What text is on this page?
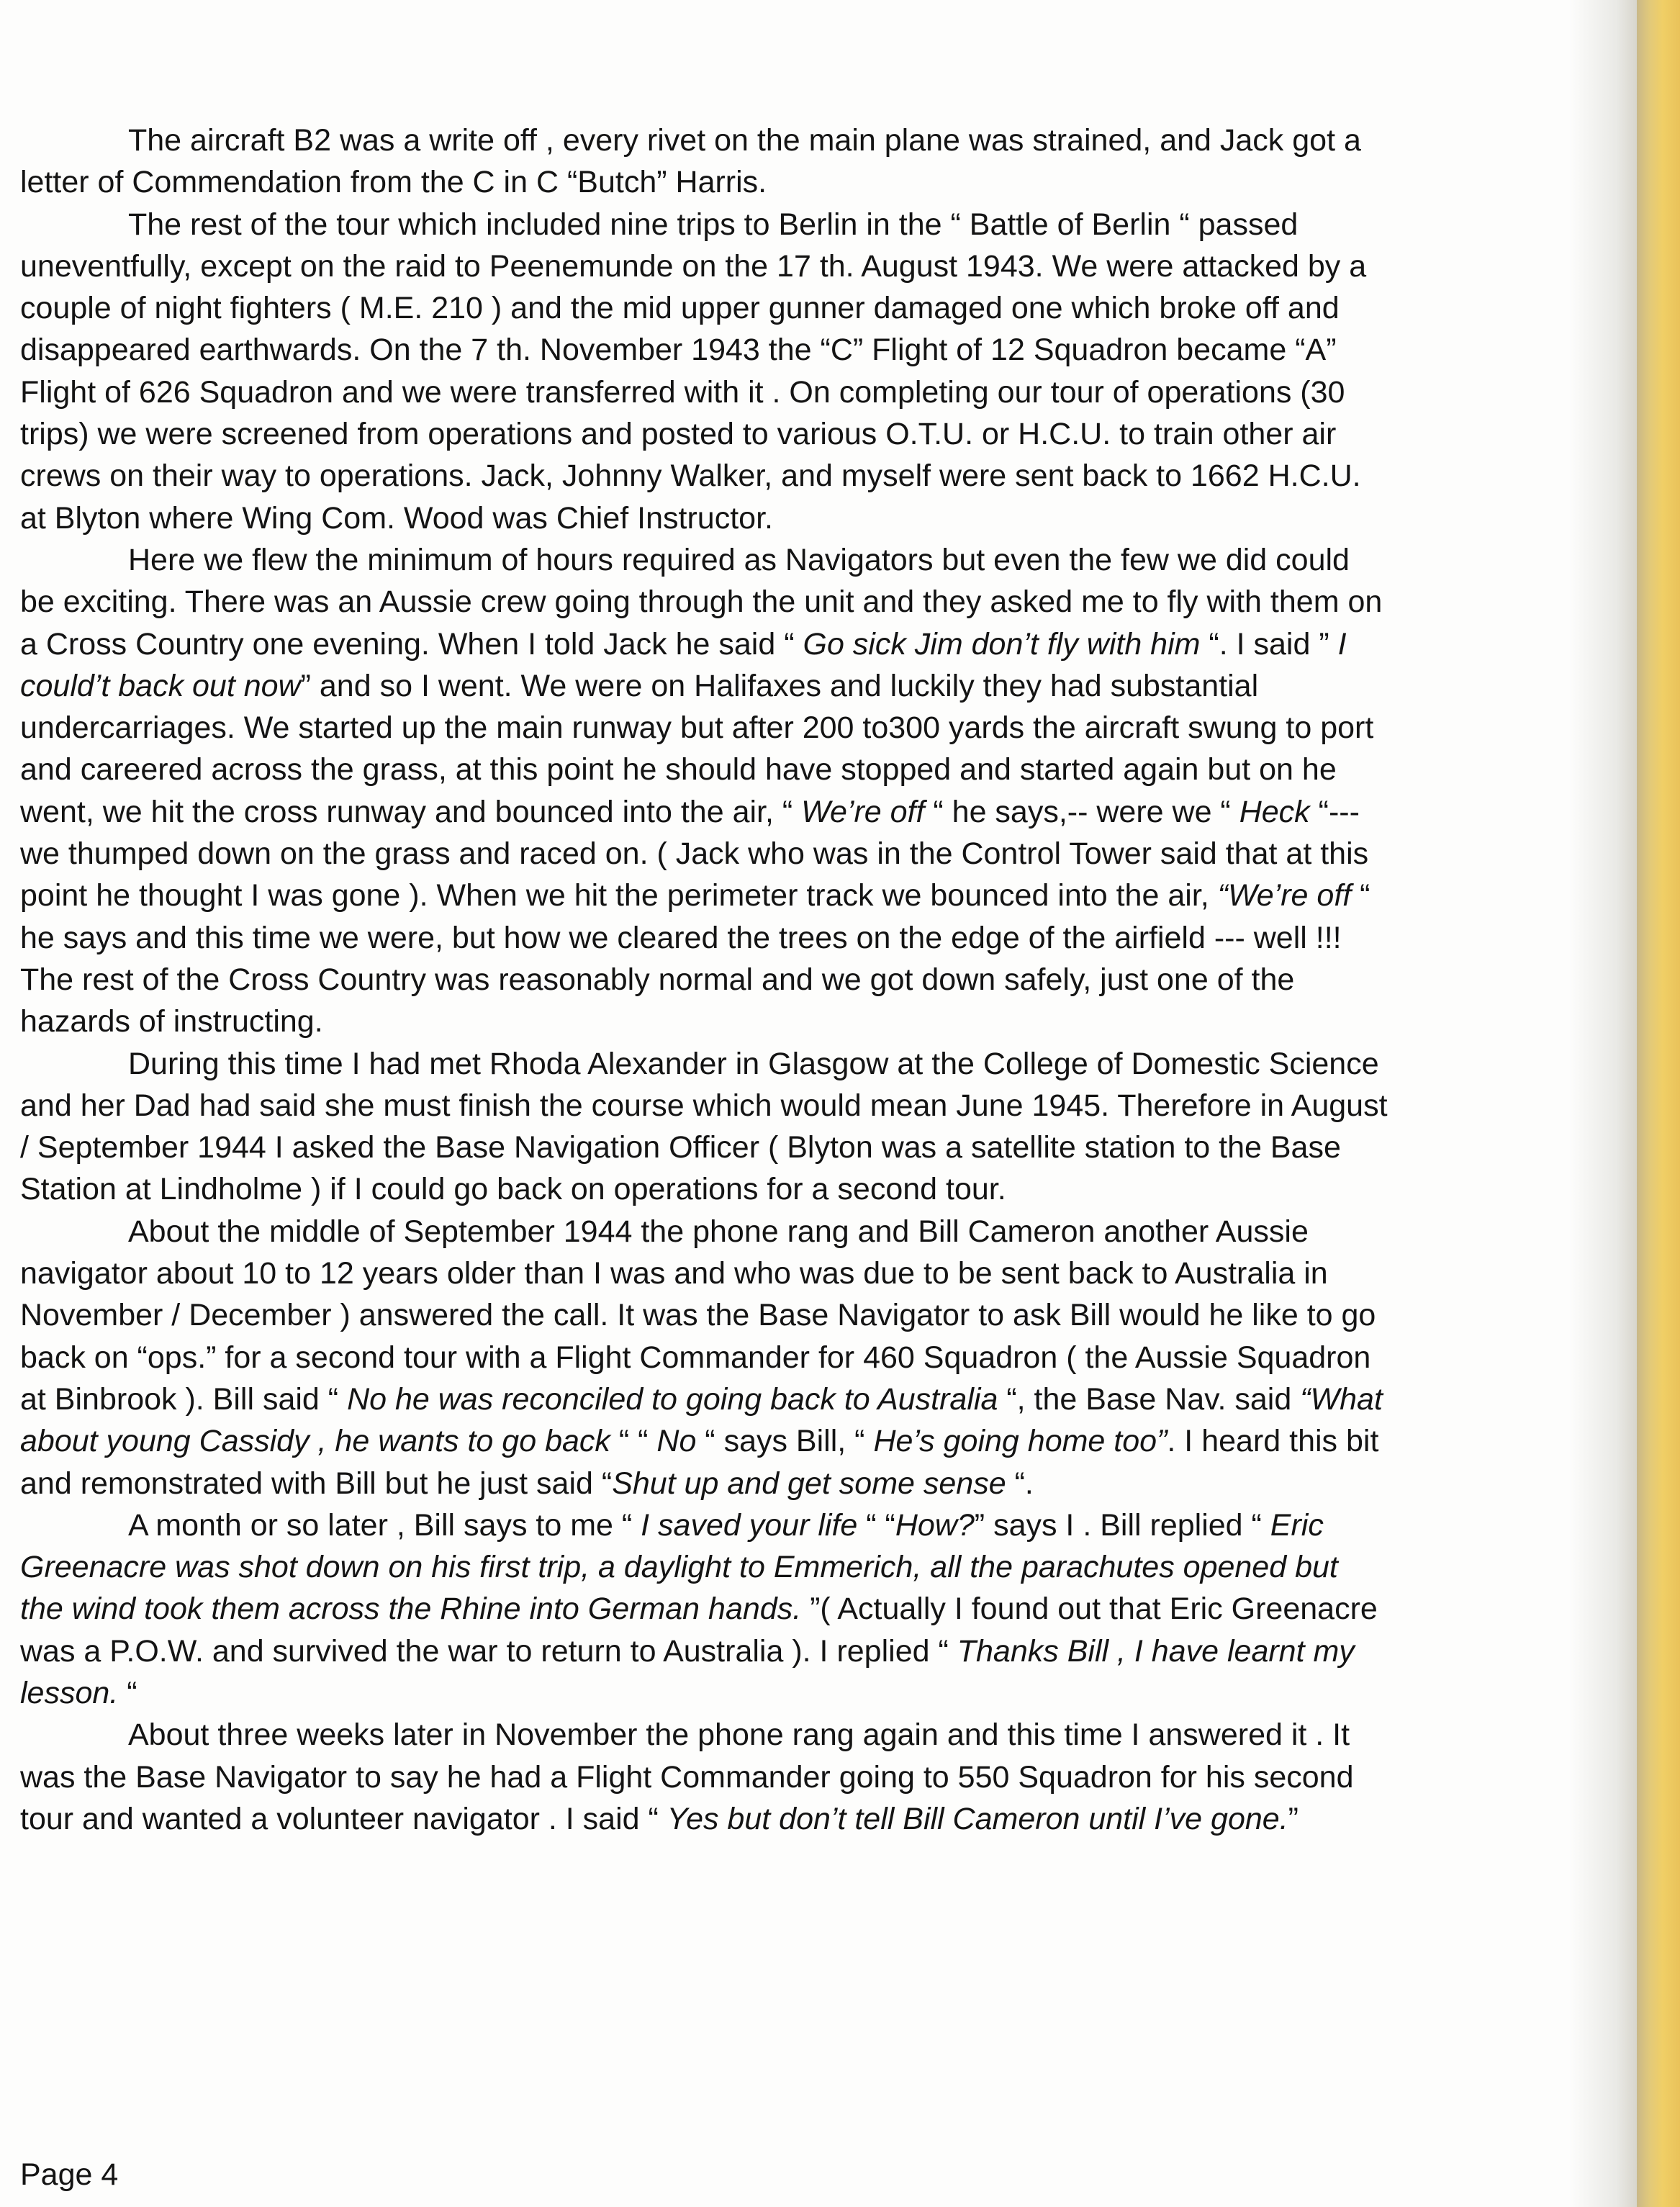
The aircraft B2 was a write off , every rivet on the main plane was strained, and Jack got a letter of Commendation from the C in C “Butch” Harris.

The rest of the tour which included nine trips to Berlin in the “ Battle of Berlin “ passed uneventfully, except on the raid to Peenemunde on the 17 th. August 1943. We were attacked by a couple of night fighters ( M.E. 210 ) and the mid upper gunner damaged one which broke off and disappeared earthwards. On the 7 th. November 1943 the “C” Flight of 12 Squadron became “A” Flight of 626 Squadron and we were transferred with it . On completing our tour of operations (30 trips) we were screened from operations and posted to various O.T.U. or H.C.U. to train other air crews on their way to operations. Jack, Johnny Walker, and myself were sent back to 1662 H.C.U. at Blyton where Wing Com. Wood was Chief Instructor.

Here we flew the minimum of hours required as Navigators but even the few we did could be exciting. There was an Aussie crew going through the unit and they asked me to fly with them on a Cross Country one evening. When I told Jack he said “ Go sick Jim don’t fly with him “. I said ” I could’t back out now” and so I went. We were on Halifaxes and luckily they had substantial undercarriages. We started up the main runway but after 200 to300 yards the aircraft swung to port and careered across the grass, at this point he should have stopped and started again but on he went, we hit the cross runway and bounced into the air, “ We’re off “ he says,-- were we “ Heck “--- we thumped down on the grass and raced on. ( Jack who was in the Control Tower said that at this point he thought I was gone ). When we hit the perimeter track we bounced into the air, “We’re off “ he says and this time we were, but how we cleared the trees on the edge of the airfield --- well !!! The rest of the Cross Country was reasonably normal and we got down safely, just one of the hazards of instructing.

During this time I had met Rhoda Alexander in Glasgow at the College of Domestic Science and her Dad had said she must finish the course which would mean June 1945. Therefore in August / September 1944 I asked the Base Navigation Officer ( Blyton was a satellite station to the Base Station at Lindholme ) if I could go back on operations for a second tour.

About the middle of September 1944 the phone rang and Bill Cameron another Aussie navigator about 10 to 12 years older than I was and who was due to be sent back to Australia in November / December ) answered the call. It was the Base Navigator to ask Bill would he like to go back on “ops.” for a second tour with a Flight Commander for 460 Squadron ( the Aussie Squadron at Binbrook ). Bill said “ No he was reconciled to going back to Australia “, the Base Nav. said “What about young Cassidy , he wants to go back “ “ No “ says Bill, “ He’s going home too”. I heard this bit and remonstrated with Bill but he just said “Shut up and get some sense “.

A month or so later , Bill says to me “ I saved your life “ “How?” says I . Bill replied “ Eric Greenacre was shot down on his first trip, a daylight to Emmerich, all the parachutes opened but the wind took them across the Rhine into German hands. ”( Actually I found out that Eric Greenacre was a P.O.W. and survived the war to return to Australia ). I replied “ Thanks Bill , I have learnt my lesson. “

About three weeks later in November the phone rang again and this time I answered it . It was the Base Navigator to say he had a Flight Commander going to 550 Squadron for his second tour and wanted a volunteer navigator . I said “ Yes but don’t tell Bill Cameron until I’ve gone.”

Page 4
